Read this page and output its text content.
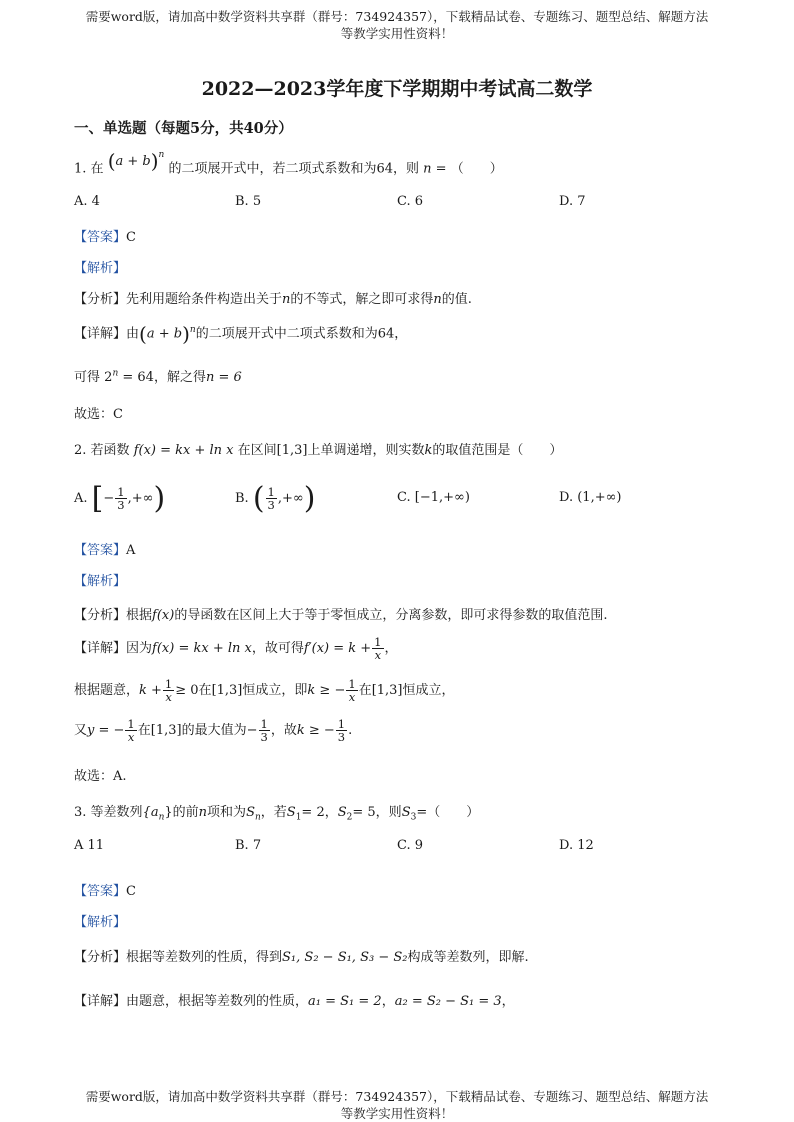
需要word版，请加高中数学资料共享群（群号：734924357），下载精品试卷、专题练习、题型总结、解题方法
等教学实用性资料！
2022—2023学年度下学期期中考试高二数学
一、单选题（每题5分，共40分）
1. 在 $(a + b)^n$ 的二项展开式中，若二项式系数和为64，则 n = （　　）
A. 4	B. 5	C. 6	D. 7
【答案】C
【解析】
【分析】先利用题给条件构造出关于n的不等式，解之即可求得n的值.
【详解】由$(a + b)^n$的二项展开式中二项式系数和为64，
可得 $2^n = 64$，解之得n = 6
故选：C
2. 若函数 f(x) = kx + ln x 在区间[1,3]上单调递增，则实数k的取值范围是（　　）
A. [− $\frac{1}{3}$ ,+∞)	B. ( $\frac{1}{3}$ ,+∞)	C. [−1,+∞)	D. (1,+∞)
【答案】A
【解析】
【分析】根据f(x)的导函数在区间上大于等于零恒成立，分离参数，即可求得参数的取值范围.
【详解】因为f(x) = kx + ln x，故可得$f'(x) = k + \frac{1}{x}$ ，
根据题意，$k + \frac{1}{x} \ge 0$在[1,3]恒成立，即k ≥ − $\frac{1}{x}$ 在[1,3]恒成立，
又y = − $\frac{1}{x}$ 在[1,3]的最大值为− $\frac{1}{3}$ ，故k ≥ − $\frac{1}{3}$ .
故选：A.
3. 等差数列$\{a_n\}$的前n项和为$S_n$，若$S_1= 2$，$S_2= 5$，则$S_3=$（　　）
A 11	B. 7	C. 9	D. 12
【答案】C
【解析】
【分析】根据等差数列的性质，得到S₁, S₂ − S₁, S₃ − S₂构成等差数列，即解.
【详解】由题意，根据等差数列的性质，a₁ = S₁ = 2，a₂ = S₂ − S₁ = 3，
需要word版，请加高中数学资料共享群（群号：734924357），下载精品试卷、专题练习、题型总结、解题方法
等教学实用性资料！
